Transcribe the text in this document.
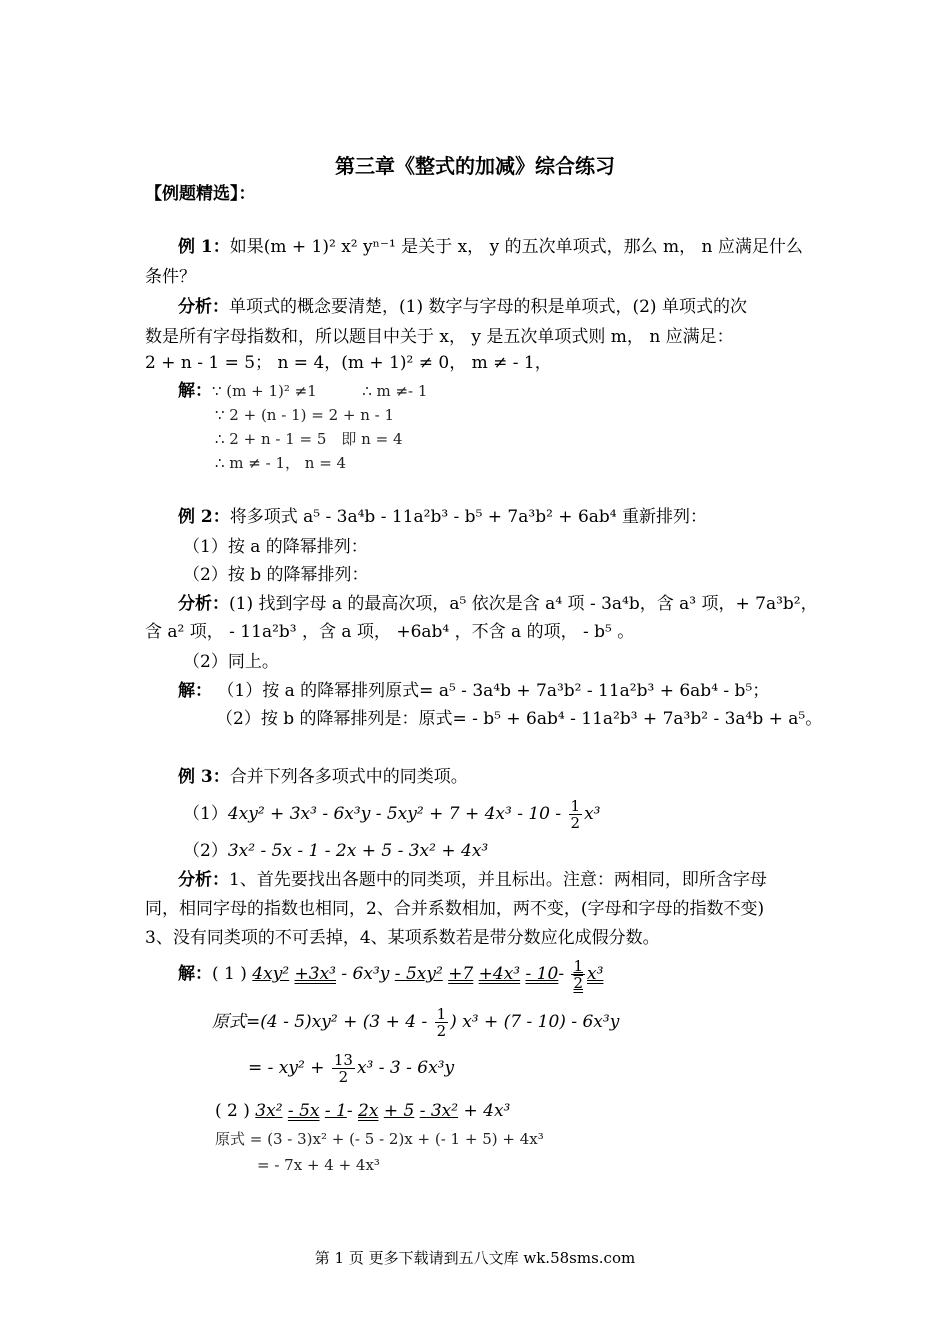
第三章《整式的加减》综合练习
【例题精选】：
例 1：如果(m + 1)² x² yⁿ⁻¹ 是关于 x， y 的五次单项式，那么 m， n 应满足什么
条件？
分析：单项式的概念要清楚，(1) 数字与字母的积是单项式，(2) 单项式的次
数是所有字母指数和，所以题目中关于 x， y 是五次单项式则 m， n 应满足：
2 + n - 1 = 5； n = 4，(m + 1)² ≠ 0， m ≠ - 1，
解：∵ (m + 1)² ≠1	∴ m ≠- 1
∵ 2 + (n - 1) = 2 + n - 1
∴ 2 + n - 1 = 5　即 n = 4
∴ m ≠ - 1， n = 4
例 2：将多项式 a⁵ - 3a⁴b - 11a²b³ - b⁵ + 7a³b² + 6ab⁴ 重新排列：
（1）按 a 的降幂排列：
（2）按 b 的降幂排列：
分析：(1) 找到字母 a 的最高次项，a⁵ 依次是含 a⁴ 项 - 3a⁴b，含 a³ 项，+ 7a³b²，
含 a² 项， - 11a²b³ ，含 a 项， +6ab⁴ ，不含 a 的项， - b⁵ 。
（2）同上。
解： （1）按 a 的降幂排列原式= a⁵ - 3a⁴b + 7a³b² - 11a²b³ + 6ab⁴ - b⁵；
（2）按 b 的降幂排列是：原式= - b⁵ + 6ab⁴ - 11a²b³ + 7a³b² - 3a⁴b + a⁵。
例 3：合并下列各多项式中的同类项。
$(1)4xy^2 + 3x^3 - 6x^3y - 5xy^2 + 7 + 4x^3 - 10 - \frac{1}{2} x^3$
（2）3x² - 5x - 1 - 2x + 5 - 3x² + 4x³
分析：1、首先要找出各题中的同类项，并且标出。注意：两相同，即所含字母
同，相同字母的指数也相同，2、合并系数相加，两不变，(字母和字母的指数不变)
3、没有同类项的不可丢掉，4、某项系数若是带分数应化成假分数。
解：( 1 ) $4xy^2 +3x^3 - 6x^3y - 5xy^2 +7 +4x^3 - 10- \frac{1}{2} x^3$
原式$=(4 - 5)xy^2 + (3 + 4 - \frac{1}{2}$ ) x³ + (7 - 10) - 6x³y
= - $xy^2 + \frac{13}{2} x^3 - 3 - 6x^3y$
( 2 ) 3x² - 5x - 1- 2x + 5 - 3x² + 4x³
原式 = (3 - 3)x² + (- 5 - 2)x + (- 1 + 5) + 4x³
= - 7x + 4 + 4x³
第 1 页 更多下载请到五八文库 wk.58sms.com
